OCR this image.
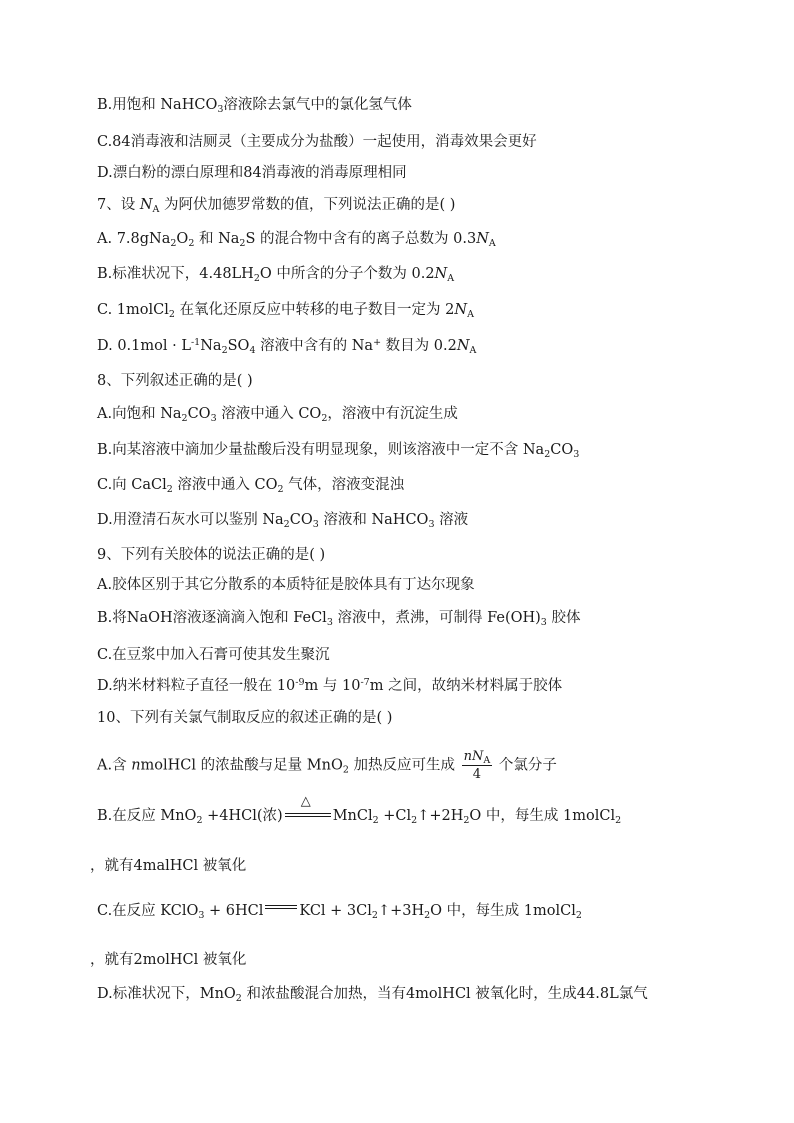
B.用饱和 NaHCO$_3$溶液除去氯气中的氯化氢气体
C.84消毒液和洁厕灵（主要成分为盐酸）一起使用，消毒效果会更好
D.漂白粉的漂白原理和84消毒液的消毒原理相同
7、设 $N_A$ 为阿伏加德罗常数的值，下列说法正确的是( )
A. $7.8gNa_2O_2$ 和 $Na_2S$ 的混合物中含有的离子总数为 $0.3N_A$
B.标准状况下，$4.48LH_2O$ 中所含的分子个数为 $0.2N_A$
C. 1molCl$_2$ 在氧化还原反应中转移的电子数目一定为 $2N_A$
D. $0.1mol \cdot L^{-1}Na_2SO_4$ 溶液中含有的 Na+ 数目为 $0.2N_A$
8、下列叙述正确的是( )
A.向饱和 $Na_2CO_3$ 溶液中通入 $CO_2$，溶液中有沉淀生成
B.向某溶液中滴加少量盐酸后没有明显现象，则该溶液中一定不含 $Na_2CO_3$
C.向 CaCl$_2$ 溶液中通入 $CO_2$ 气体，溶液变混浊
D.用澄清石灰水可以鉴别 $Na_2CO_3$ 溶液和 NaHCO$_3$ 溶液
9、下列有关胶体的说法正确的是( )
A.胶体区别于其它分散系的本质特征是胶体具有丁达尔现象
B.将NaOH溶液逐滴滴入饱和 FeCl$_3$ 溶液中，煮沸，可制得 $Fe(OH)_3$ 胶体
C.在豆浆中加入石膏可使其发生聚沉
D.纳米材料粒子直径一般在 $10^{-9}m$ 与 $10^{-7}m$ 之间，故纳米材料属于胶体
10、下列有关氯气制取反应的叙述正确的是( )
A.含 nmolHCl 的浓盐酸与足量 MnO$_2$ 加热反应可生成 $\frac{nN_A}{4}$ 个氯分子
B.在反应 MnO$_2$ +4HCl(浓)
△
MnCl$_2$ $+Cl_2↑+2H_2O$ 中，每生成 1molCl$_2$
，就有4malHCl 被氧化
C.在反应 KClO$_3$ + 6HCl KCl + $3Cl_2↑+3H_2O$ 中，每生成 1molCl$_2$
，就有2molHCl 被氧化
D.标准状况下，MnO$_2$ 和浓盐酸混合加热，当有4molHCl 被氧化时，生成44.8L氯气
